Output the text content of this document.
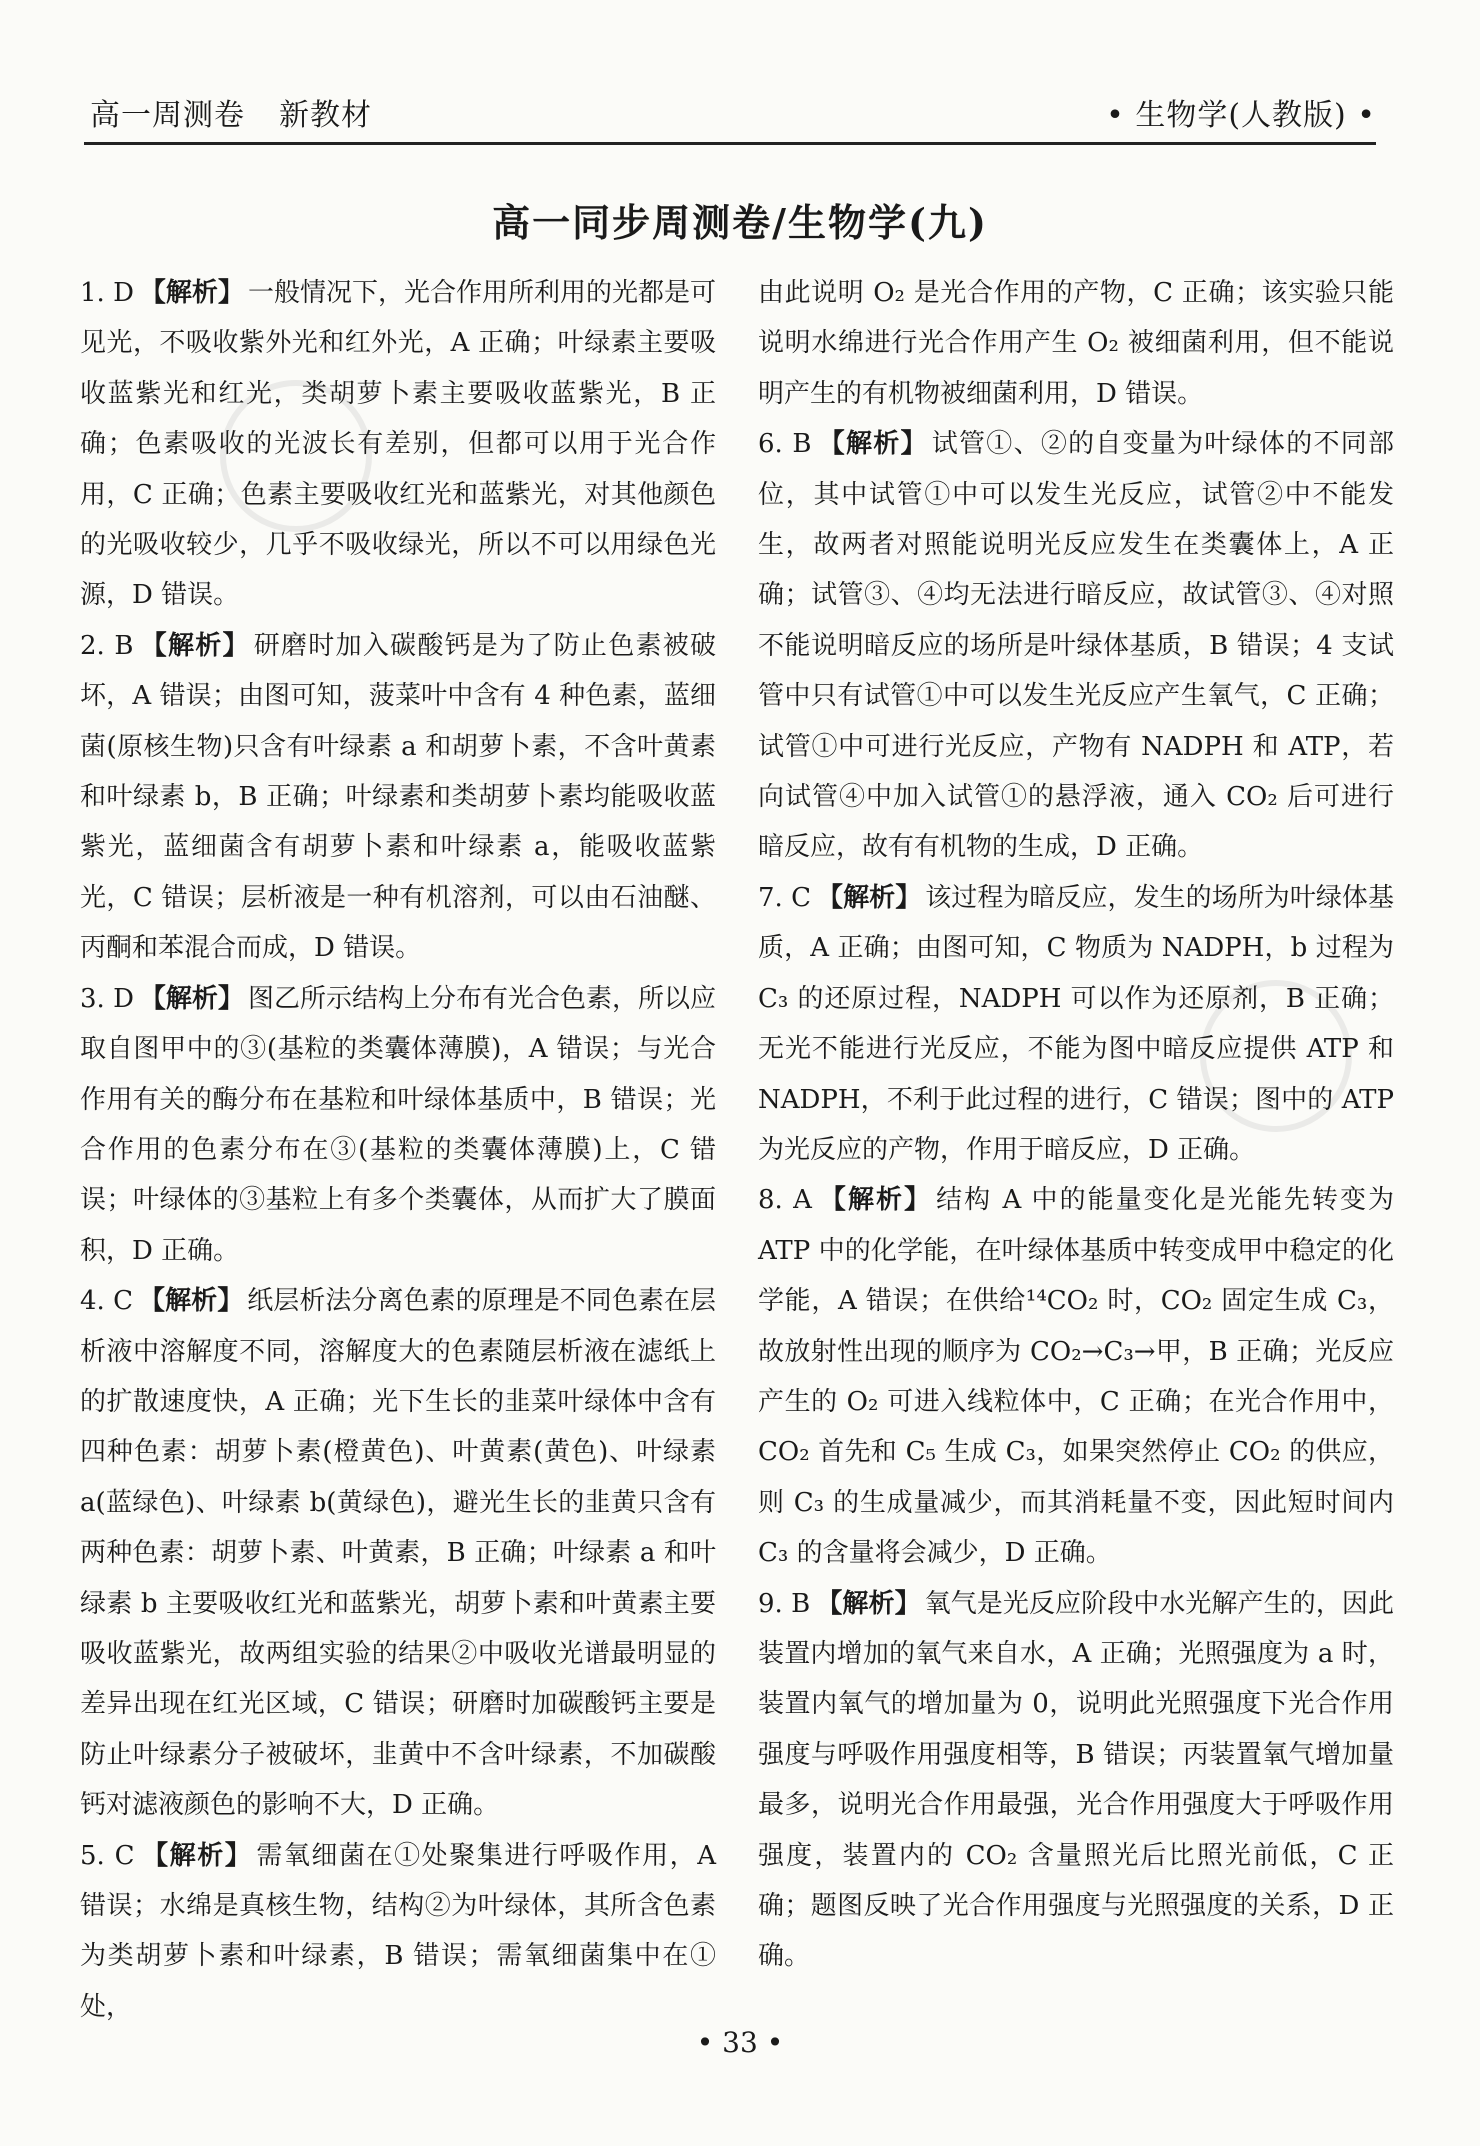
高一周测卷 新教材	• 生物学(人教版) •
高一同步周测卷/生物学(九)

1. D 【解析】 一般情况下，光合作用所利用的光都是可见光，不吸收紫外光和红外光，A 正确；叶绿素主要吸收蓝紫光和红光，类胡萝卜素主要吸收蓝紫光，B 正确；色素吸收的光波长有差别，但都可以用于光合作用，C 正确；色素主要吸收红光和蓝紫光，对其他颜色的光吸收较少，几乎不吸收绿光，所以不可以用绿色光源，D 错误。

2. B 【解析】 研磨时加入碳酸钙是为了防止色素被破坏，A 错误；由图可知，菠菜叶中含有 4 种色素，蓝细菌(原核生物)只含有叶绿素 a 和胡萝卜素，不含叶黄素和叶绿素 b，B 正确；叶绿素和类胡萝卜素均能吸收蓝紫光，蓝细菌含有胡萝卜素和叶绿素 a，能吸收蓝紫光，C 错误；层析液是一种有机溶剂，可以由石油醚、丙酮和苯混合而成，D 错误。

3. D 【解析】 图乙所示结构上分布有光合色素，所以应取自图甲中的③(基粒的类囊体薄膜)，A 错误；与光合作用有关的酶分布在基粒和叶绿体基质中，B 错误；光合作用的色素分布在③(基粒的类囊体薄膜)上，C 错误；叶绿体的③基粒上有多个类囊体，从而扩大了膜面积，D 正确。

4. C 【解析】 纸层析法分离色素的原理是不同色素在层析液中溶解度不同，溶解度大的色素随层析液在滤纸上的扩散速度快，A 正确；光下生长的韭菜叶绿体中含有四种色素：胡萝卜素(橙黄色)、叶黄素(黄色)、叶绿素 a(蓝绿色)、叶绿素 b(黄绿色)，避光生长的韭黄只含有两种色素：胡萝卜素、叶黄素，B 正确；叶绿素 a 和叶绿素 b 主要吸收红光和蓝紫光，胡萝卜素和叶黄素主要吸收蓝紫光，故两组实验的结果②中吸收光谱最明显的差异出现在红光区域，C 错误；研磨时加碳酸钙主要是防止叶绿素分子被破坏，韭黄中不含叶绿素，不加碳酸钙对滤液颜色的影响不大，D 正确。

5. C 【解析】 需氧细菌在①处聚集进行呼吸作用，A 错误；水绵是真核生物，结构②为叶绿体，其所含色素为类胡萝卜素和叶绿素，B 错误；需氧细菌集中在①处，

由此说明 O₂ 是光合作用的产物，C 正确；该实验只能说明水绵进行光合作用产生 O₂ 被细菌利用，但不能说明产生的有机物被细菌利用，D 错误。

6. B 【解析】 试管①、②的自变量为叶绿体的不同部位，其中试管①中可以发生光反应，试管②中不能发生，故两者对照能说明光反应发生在类囊体上，A 正确；试管③、④均无法进行暗反应，故试管③、④对照不能说明暗反应的场所是叶绿体基质，B 错误；4 支试管中只有试管①中可以发生光反应产生氧气，C 正确；试管①中可进行光反应，产物有 NADPH 和 ATP，若向试管④中加入试管①的悬浮液，通入 CO₂ 后可进行暗反应，故有有机物的生成，D 正确。

7. C 【解析】 该过程为暗反应，发生的场所为叶绿体基质，A 正确；由图可知，C 物质为 NADPH，b 过程为 C₃ 的还原过程，NADPH 可以作为还原剂，B 正确；无光不能进行光反应，不能为图中暗反应提供 ATP 和 NADPH，不利于此过程的进行，C 错误；图中的 ATP 为光反应的产物，作用于暗反应，D 正确。

8. A 【解析】 结构 A 中的能量变化是光能先转变为 ATP 中的化学能，在叶绿体基质中转变成甲中稳定的化学能，A 错误；在供给¹⁴CO₂ 时，CO₂ 固定生成 C₃，故放射性出现的顺序为 CO₂→C₃→甲，B 正确；光反应产生的 O₂ 可进入线粒体中，C 正确；在光合作用中，CO₂ 首先和 C₅ 生成 C₃，如果突然停止 CO₂ 的供应，则 C₃ 的生成量减少，而其消耗量不变，因此短时间内 C₃ 的含量将会减少，D 正确。

9. B 【解析】 氧气是光反应阶段中水光解产生的，因此装置内增加的氧气来自水，A 正确；光照强度为 a 时，装置内氧气的增加量为 0，说明此光照强度下光合作用强度与呼吸作用强度相等，B 错误；丙装置氧气增加量最多，说明光合作用最强，光合作用强度大于呼吸作用强度，装置内的 CO₂ 含量照光后比照光前低，C 正确；题图反映了光合作用强度与光照强度的关系，D 正确。

• 33 •
